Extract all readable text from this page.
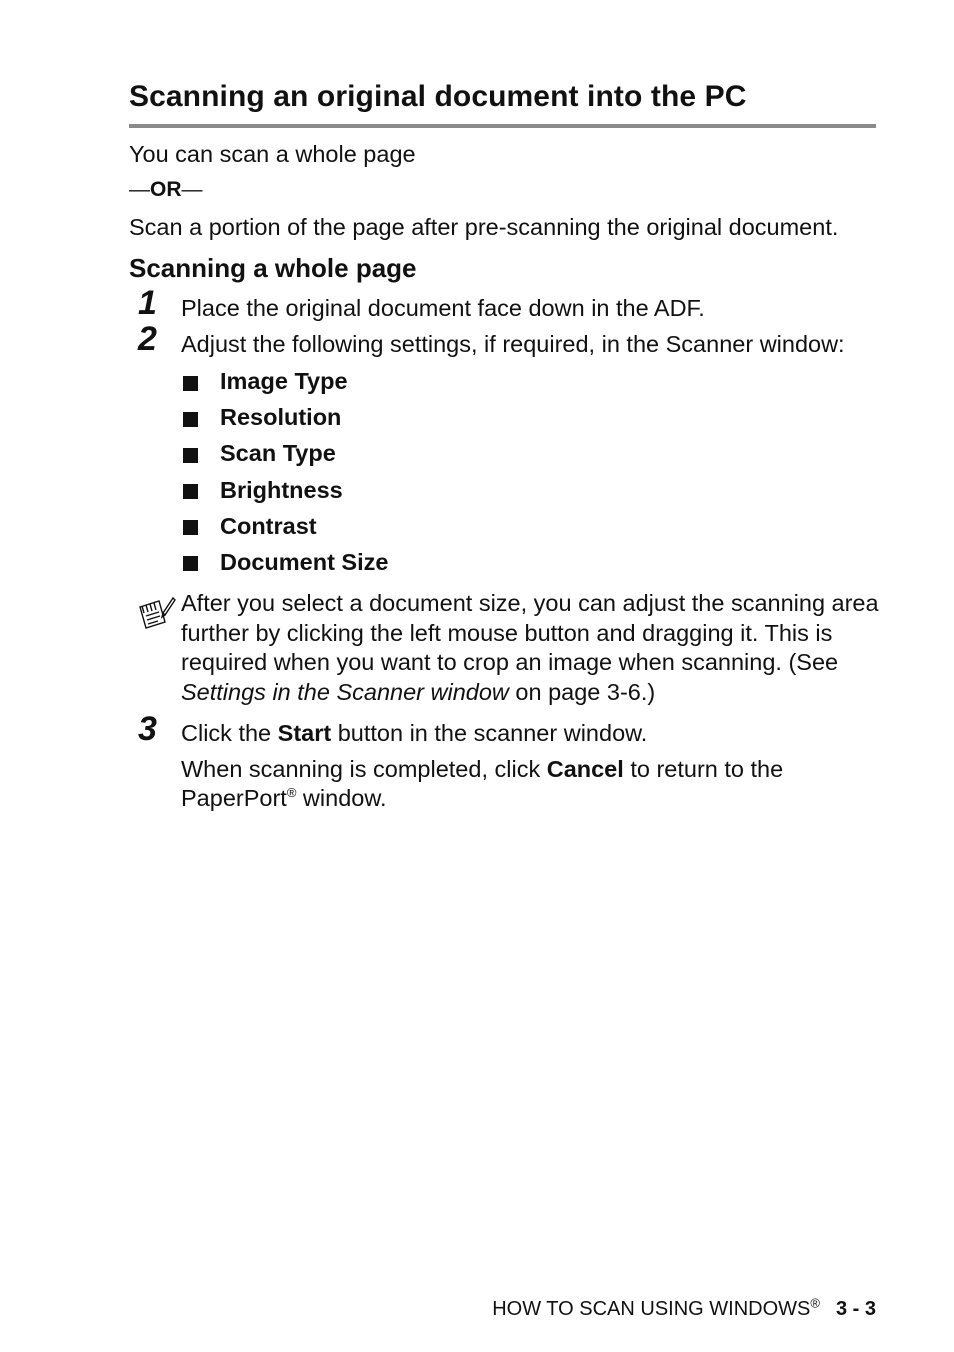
Scanning an original document into the PC
You can scan a whole page
—OR—
Scan a portion of the page after pre-scanning the original document.
Scanning a whole page
1 Place the original document face down in the ADF.
2 Adjust the following settings, if required, in the Scanner window:
Image Type
Resolution
Scan Type
Brightness
Contrast
Document Size
After you select a document size, you can adjust the scanning area further by clicking the left mouse button and dragging it. This is required when you want to crop an image when scanning. (See Settings in the Scanner window on page 3-6.)
3 Click the Start button in the scanner window.
When scanning is completed, click Cancel to return to the
PaperPort® window.
HOW TO SCAN USING WINDOWS® 3 - 3
